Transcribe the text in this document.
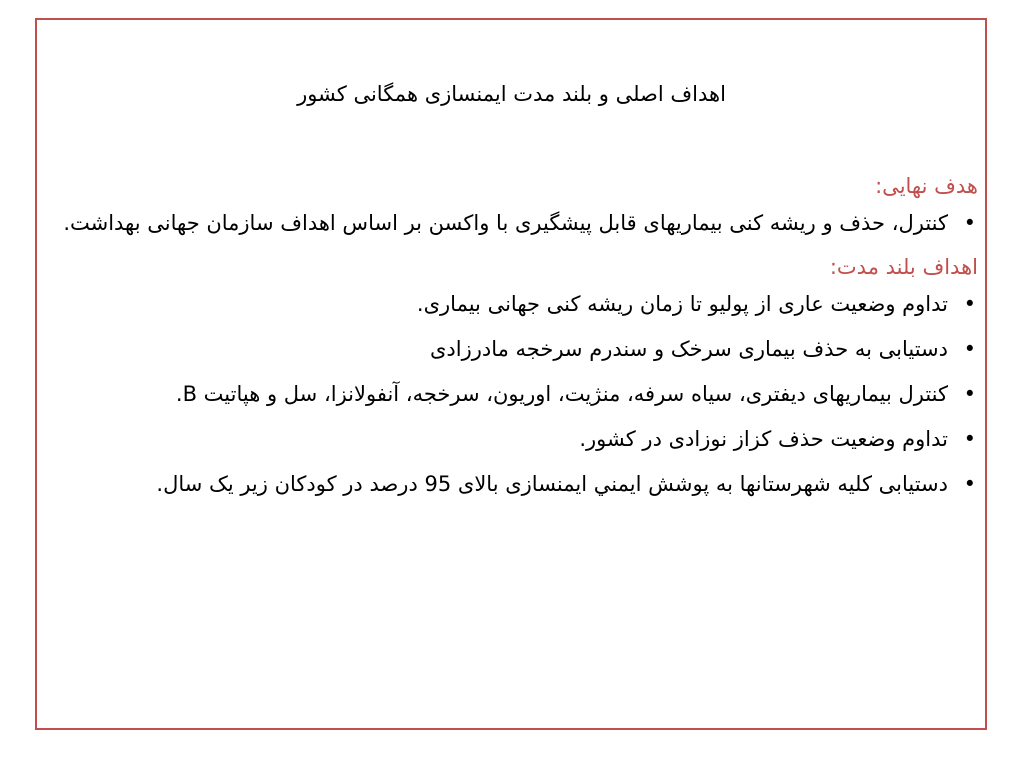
اهداف اصلی و بلند مدت ایمنسازی همگانی کشور
هدف نهایی:
•
کنترل، حذف و ریشه کنی بیماریهای قابل پیشگیری با واکسن بر اساس اهداف سازمان جهانی بهداشت.
اهداف بلند مدت:
•
تداوم وضعیت عاری از پولیو تا زمان ریشه کنی جهانی بیماری.
•
دستیابی به حذف بیماری سرخک و سندرم سرخجه مادرزادی
•
کنترل بیماریهای دیفتری، سیاه سرفه، منژیت، اوریون، سرخجه، آنفولانزا، سل و هپاتیت B.
•
تداوم وضعیت حذف کزاز نوزادی در کشور.
•
دستیابی کلیه شهرستانها به پوشش ایمني ایمنسازی بالای 95 درصد در کودکان زیر یک سال.
